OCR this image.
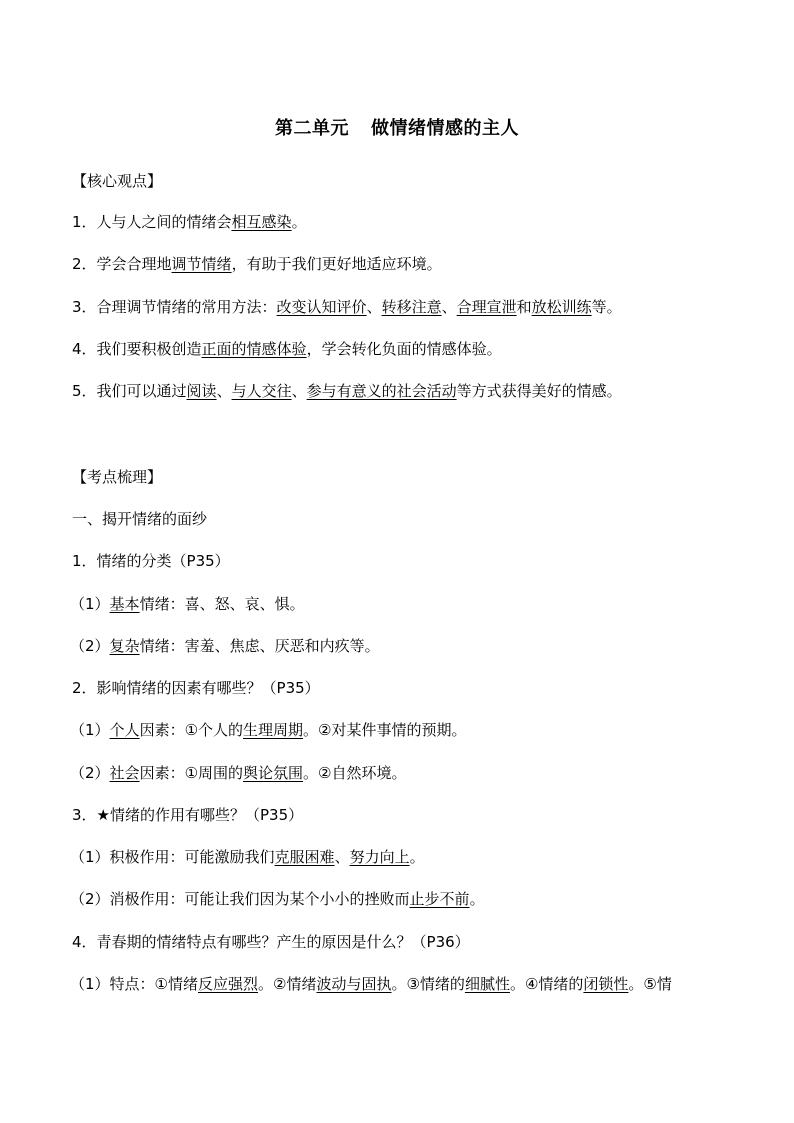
第二单元 做情绪情感的主人
【核心观点】
1．人与人之间的情绪会相互感染。
2．学会合理地调节情绪，有助于我们更好地适应环境。
3．合理调节情绪的常用方法：改变认知评价、转移注意、合理宣泄和放松训练等。
4．我们要积极创造正面的情感体验，学会转化负面的情感体验。
5．我们可以通过阅读、与人交往、参与有意义的社会活动等方式获得美好的情感。
【考点梳理】
一、揭开情绪的面纱
1．情绪的分类（P35）
（1）基本情绪：喜、怒、哀、惧。
（2）复杂情绪：害羞、焦虑、厌恶和内疚等。
2．影响情绪的因素有哪些？（P35）
（1）个人因素：①个人的生理周期。②对某件事情的预期。
（2）社会因素：①周围的舆论氛围。②自然环境。
3．★情绪的作用有哪些？（P35）
（1）积极作用：可能激励我们克服困难、努力向上。
（2）消极作用：可能让我们因为某个小小的挫败而止步不前。
4．青春期的情绪特点有哪些？产生的原因是什么？（P36）
（1）特点：①情绪反应强烈。②情绪波动与固执。③情绪的细腻性。④情绪的闭锁性。⑤情
